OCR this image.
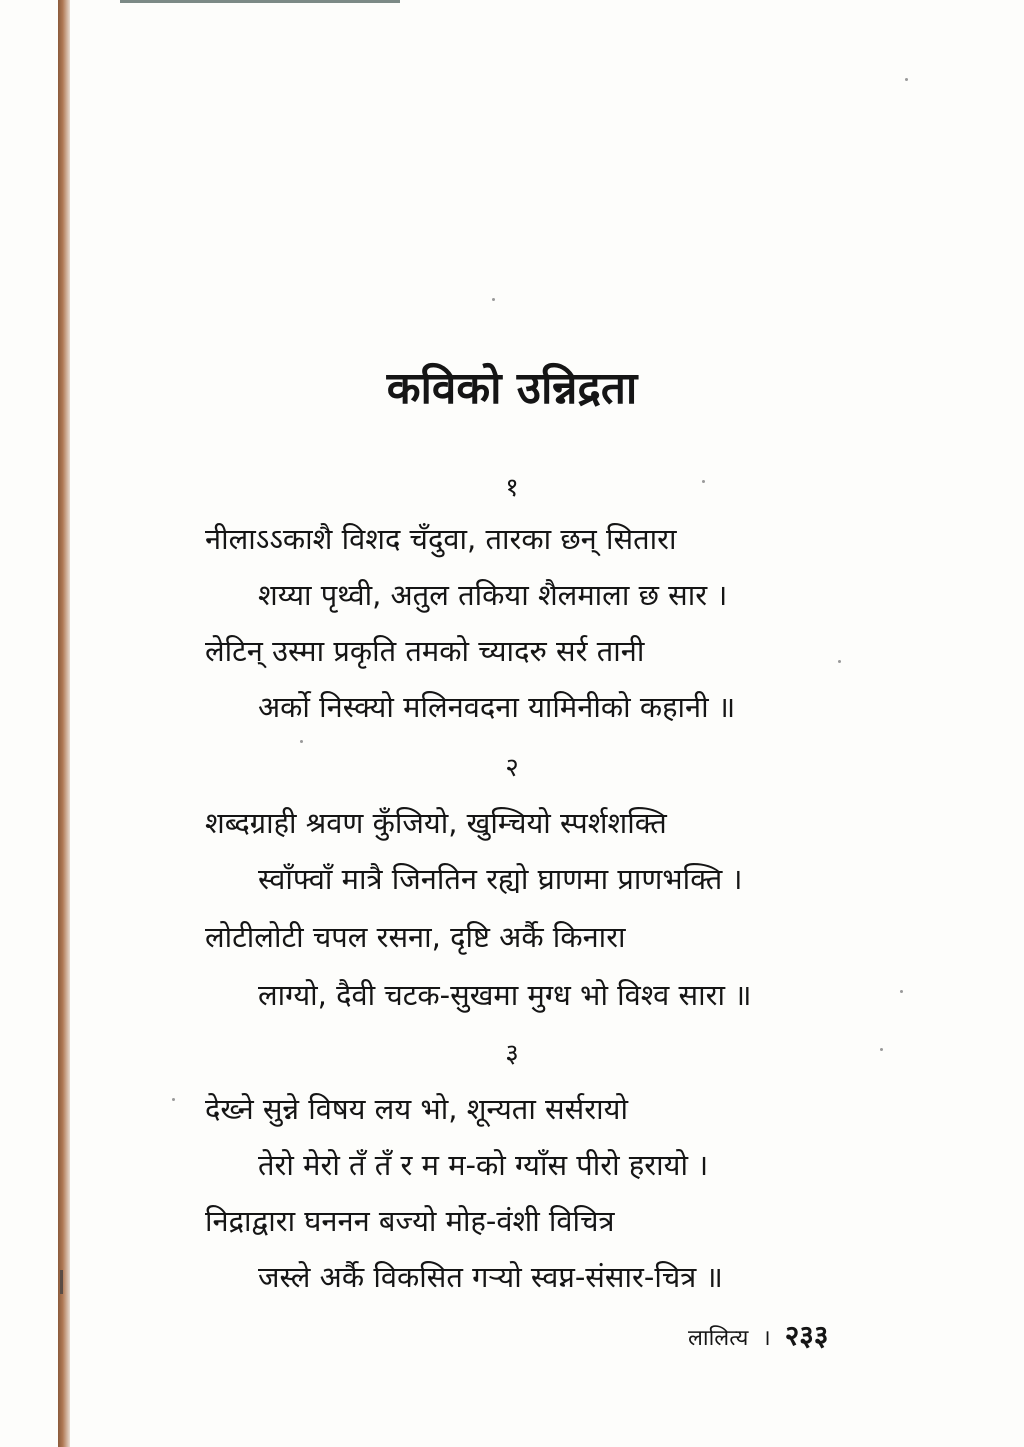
कविको उन्निद्रता
१
नीलाऽऽकाशै विशद चँदुवा, तारका छन् सितारा
शय्या पृथ्वी, अतुल तकिया शैलमाला छ सार ।
लेटिन् उस्मा प्रकृति तमको च्यादरु सर्र तानी
अर्को निस्क्यो मलिनवदना यामिनीको कहानी ॥
२
शब्दग्राही श्रवण कुँजियो, खुम्चियो स्पर्शशक्ति
स्वाँफ्वाँ मात्रै जिनतिन रह्यो घ्राणमा प्राणभक्ति ।
लोटीलोटी चपल रसना, दृष्टि अर्कै किनारा
लाग्यो, दैवी चटक-सुखमा मुग्ध भो विश्व सारा ॥
३
देख्ने सुन्ने विषय लय भो, शून्यता सर्सरायो
तेरो मेरो तँ तँ र म म-को ग्याँस पीरो हरायो ।
निद्राद्वारा घननन बज्यो मोह-वंशी विचित्र
जस्ले अर्कै विकसित गर्‍यो स्वप्न-संसार-चित्र ॥
लालित्य । २३३
